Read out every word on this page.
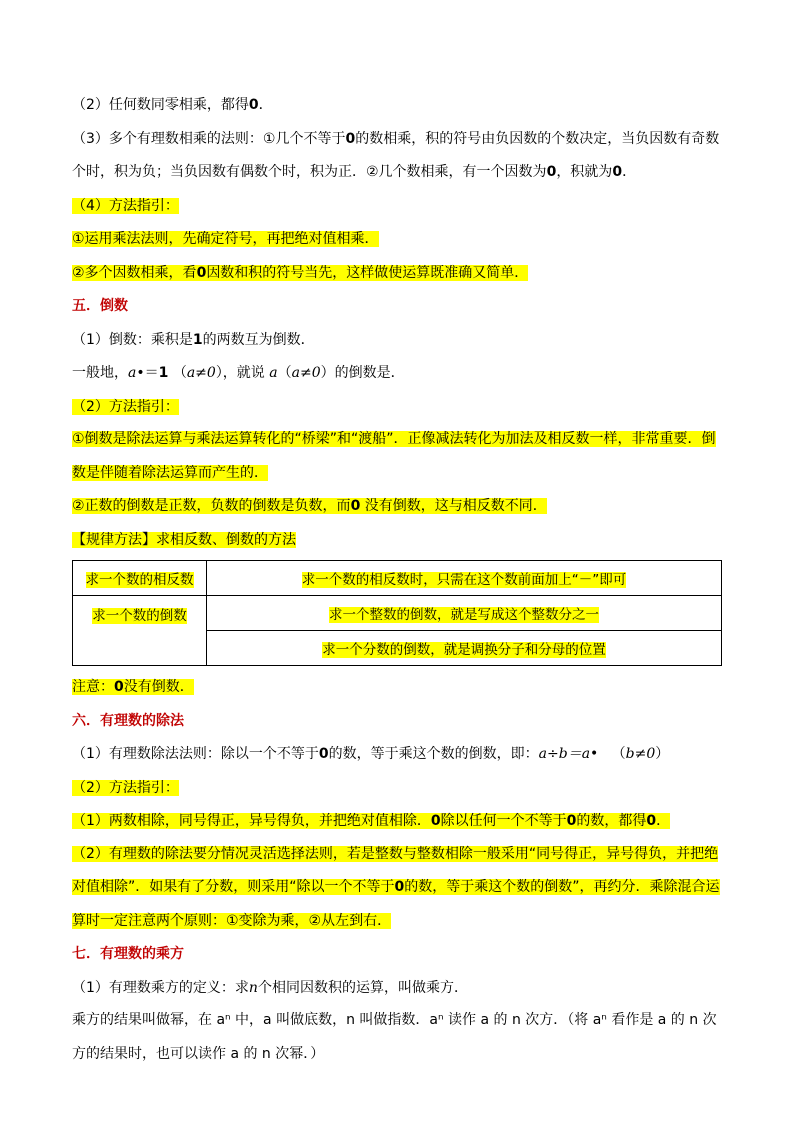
（2）任何数同零相乘，都得0．
（3）多个有理数相乘的法则：①几个不等于0的数相乘，积的符号由负因数的个数决定，当负因数有奇数
个时，积为负；当负因数有偶数个时，积为正．②几个数相乘，有一个因数为0，积就为0．
（4）方法指引：
①运用乘法法则，先确定符号，再把绝对值相乘．
②多个因数相乘，看0因数和积的符号当先，这样做使运算既准确又简单．
五．倒数
（1）倒数：乘积是1的两数互为倒数．
一般地，a•＝1 （a≠0），就说 a（a≠0）的倒数是．
（2）方法指引：
①倒数是除法运算与乘法运算转化的“桥梁”和“渡船”．正像减法转化为加法及相反数一样，非常重要．倒数是伴随着除法运算而产生的．
②正数的倒数是正数，负数的倒数是负数，而0 没有倒数，这与相反数不同．
【规律方法】求相反数、倒数的方法
求一个数的相反数	求一个数的相反数时，只需在这个数前面加上“－”即可
求一个数的倒数	求一个整数的倒数，就是写成这个整数分之一
	求一个分数的倒数，就是调换分子和分母的位置
注意：0没有倒数．
六．有理数的除法
（1）有理数除法法则：除以一个不等于0的数，等于乘这个数的倒数，即：a÷b＝a• （b≠0）
（2）方法指引：
（1）两数相除，同号得正，异号得负，并把绝对值相除．0除以任何一个不等于0的数，都得0．
（2）有理数的除法要分情况灵活选择法则，若是整数与整数相除一般采用“同号得正，异号得负，并把绝对值相除”．如果有了分数，则采用“除以一个不等于0的数，等于乘这个数的倒数”，再约分．乘除混合运算时一定注意两个原则：①变除为乘，②从左到右．
七．有理数的乘方
（1）有理数乘方的定义：求n个相同因数积的运算，叫做乘方．
乘方的结果叫做幂，在 aⁿ 中，a 叫做底数，n 叫做指数．aⁿ 读作 a 的 n 次方．（将 aⁿ 看作是 a 的 n 次方的结果时，也可以读作 a 的 n 次幂．）
